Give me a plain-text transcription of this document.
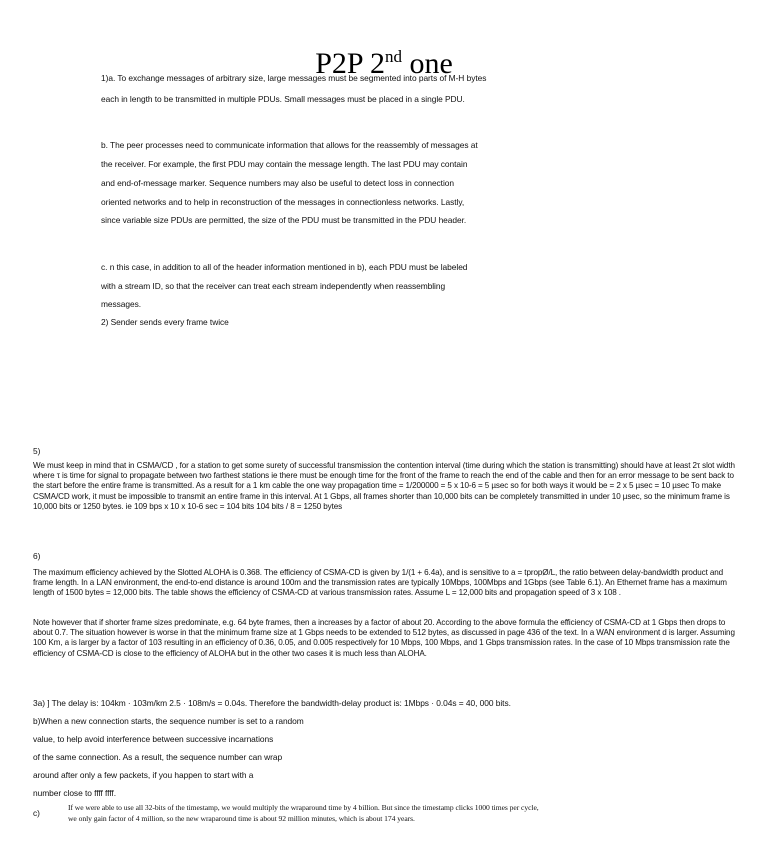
P2P 2nd one
1)a. To exchange messages of arbitrary size, large messages must be segmented into parts of M-H bytes
each in length to be transmitted in multiple PDUs. Small messages must be placed in a single PDU.
b. The peer processes need to communicate information that allows for the reassembly of messages at
the receiver. For example, the first PDU may contain the message length. The last PDU may contain
and end-of-message marker. Sequence numbers may also be useful to detect loss in connection
oriented networks and to help in reconstruction of the messages in connectionless networks. Lastly,
since variable size PDUs are permitted, the size of the PDU must be transmitted in the PDU header.
c. n this case, in addition to all of the header information mentioned in b), each PDU must be labeled
with a stream ID, so that the receiver can treat each stream independently when reassembling
messages.
2) Sender sends every frame twice
5)
We must keep in mind that in CSMA/CD , for a station to get some surety of successful transmission the contention interval (time during which the station is transmitting) should have at least 2τ slot width where τ is time for signal to propagate between two farthest stations ie there must be enough time for the front of the frame to reach the end of the cable and then for an error message to be sent back to the start before the entire frame is transmitted. As a result for a 1 km cable the one way propagation time = 1/200000 = 5 x 10-6 = 5 µsec so for both ways it would be = 2 x 5 µsec = 10 µsec To make CSMA/CD work, it must be impossible to transmit an entire frame in this interval. At 1 Gbps, all frames shorter than 10,000 bits can be completely transmitted in under 10 µsec, so the minimum frame is 10,000 bits or 1250 bytes. ie 109 bps x 10 x 10-6 sec = 104 bits 104 bits / 8 = 1250 bytes
6)
The maximum efficiency achieved by the Slotted ALOHA is 0.368. The efficiency of CSMA-CD is given by 1/(1 + 6.4a), and is sensitive to a = tpropØ/L, the ratio between delay-bandwidth product and frame length. In a LAN environment, the end-to-end distance is around 100m and the transmission rates are typically 10Mbps, 100Mbps and 1Gbps (see Table 6.1). An Ethernet frame has a maximum length of 1500 bytes = 12,000 bits. The table shows the efficiency of CSMA-CD at various transmission rates. Assume L = 12,000 bits and propagation speed of 3 x 108 .
Note however that if shorter frame sizes predominate, e.g. 64 byte frames, then a increases by a factor of about 20. According to the above formula the efficiency of CSMA-CD at 1 Gbps then drops to about 0.7. The situation however is worse in that the minimum frame size at 1 Gbps needs to be extended to 512 bytes, as discussed in page 436 of the text. In a WAN environment d is larger. Assuming 100 Km, a is larger by a factor of 103 resulting in an efficiency of 0.36, 0.05, and 0.005 respectively for 10 Mbps, 100 Mbps, and 1 Gbps transmission rates. In the case of 10 Mbps transmission rate the efficiency of CSMA-CD is close to the efficiency of ALOHA but in the other two cases it is much less than ALOHA.
3a) ] The delay is: 104km · 103m/km 2.5 · 108m/s = 0.04s. Therefore the bandwidth-delay product is: 1Mbps · 0.04s = 40, 000 bits.
b)When a new connection starts, the sequence number is set to a random
value, to help avoid interference between successive incarnations
of the same connection. As a result, the sequence number can wrap
around after only a few packets, if you happen to start with a
number close to ffff ffff.
c)
If we were able to use all 32-bits of the timestamp, we would multiply the wraparound time by 4 billion. But since the timestamp clicks 1000 times per cycle,
we only gain factor of 4 million, so the new wraparound time is about 92 million minutes, which is about 174 years.
